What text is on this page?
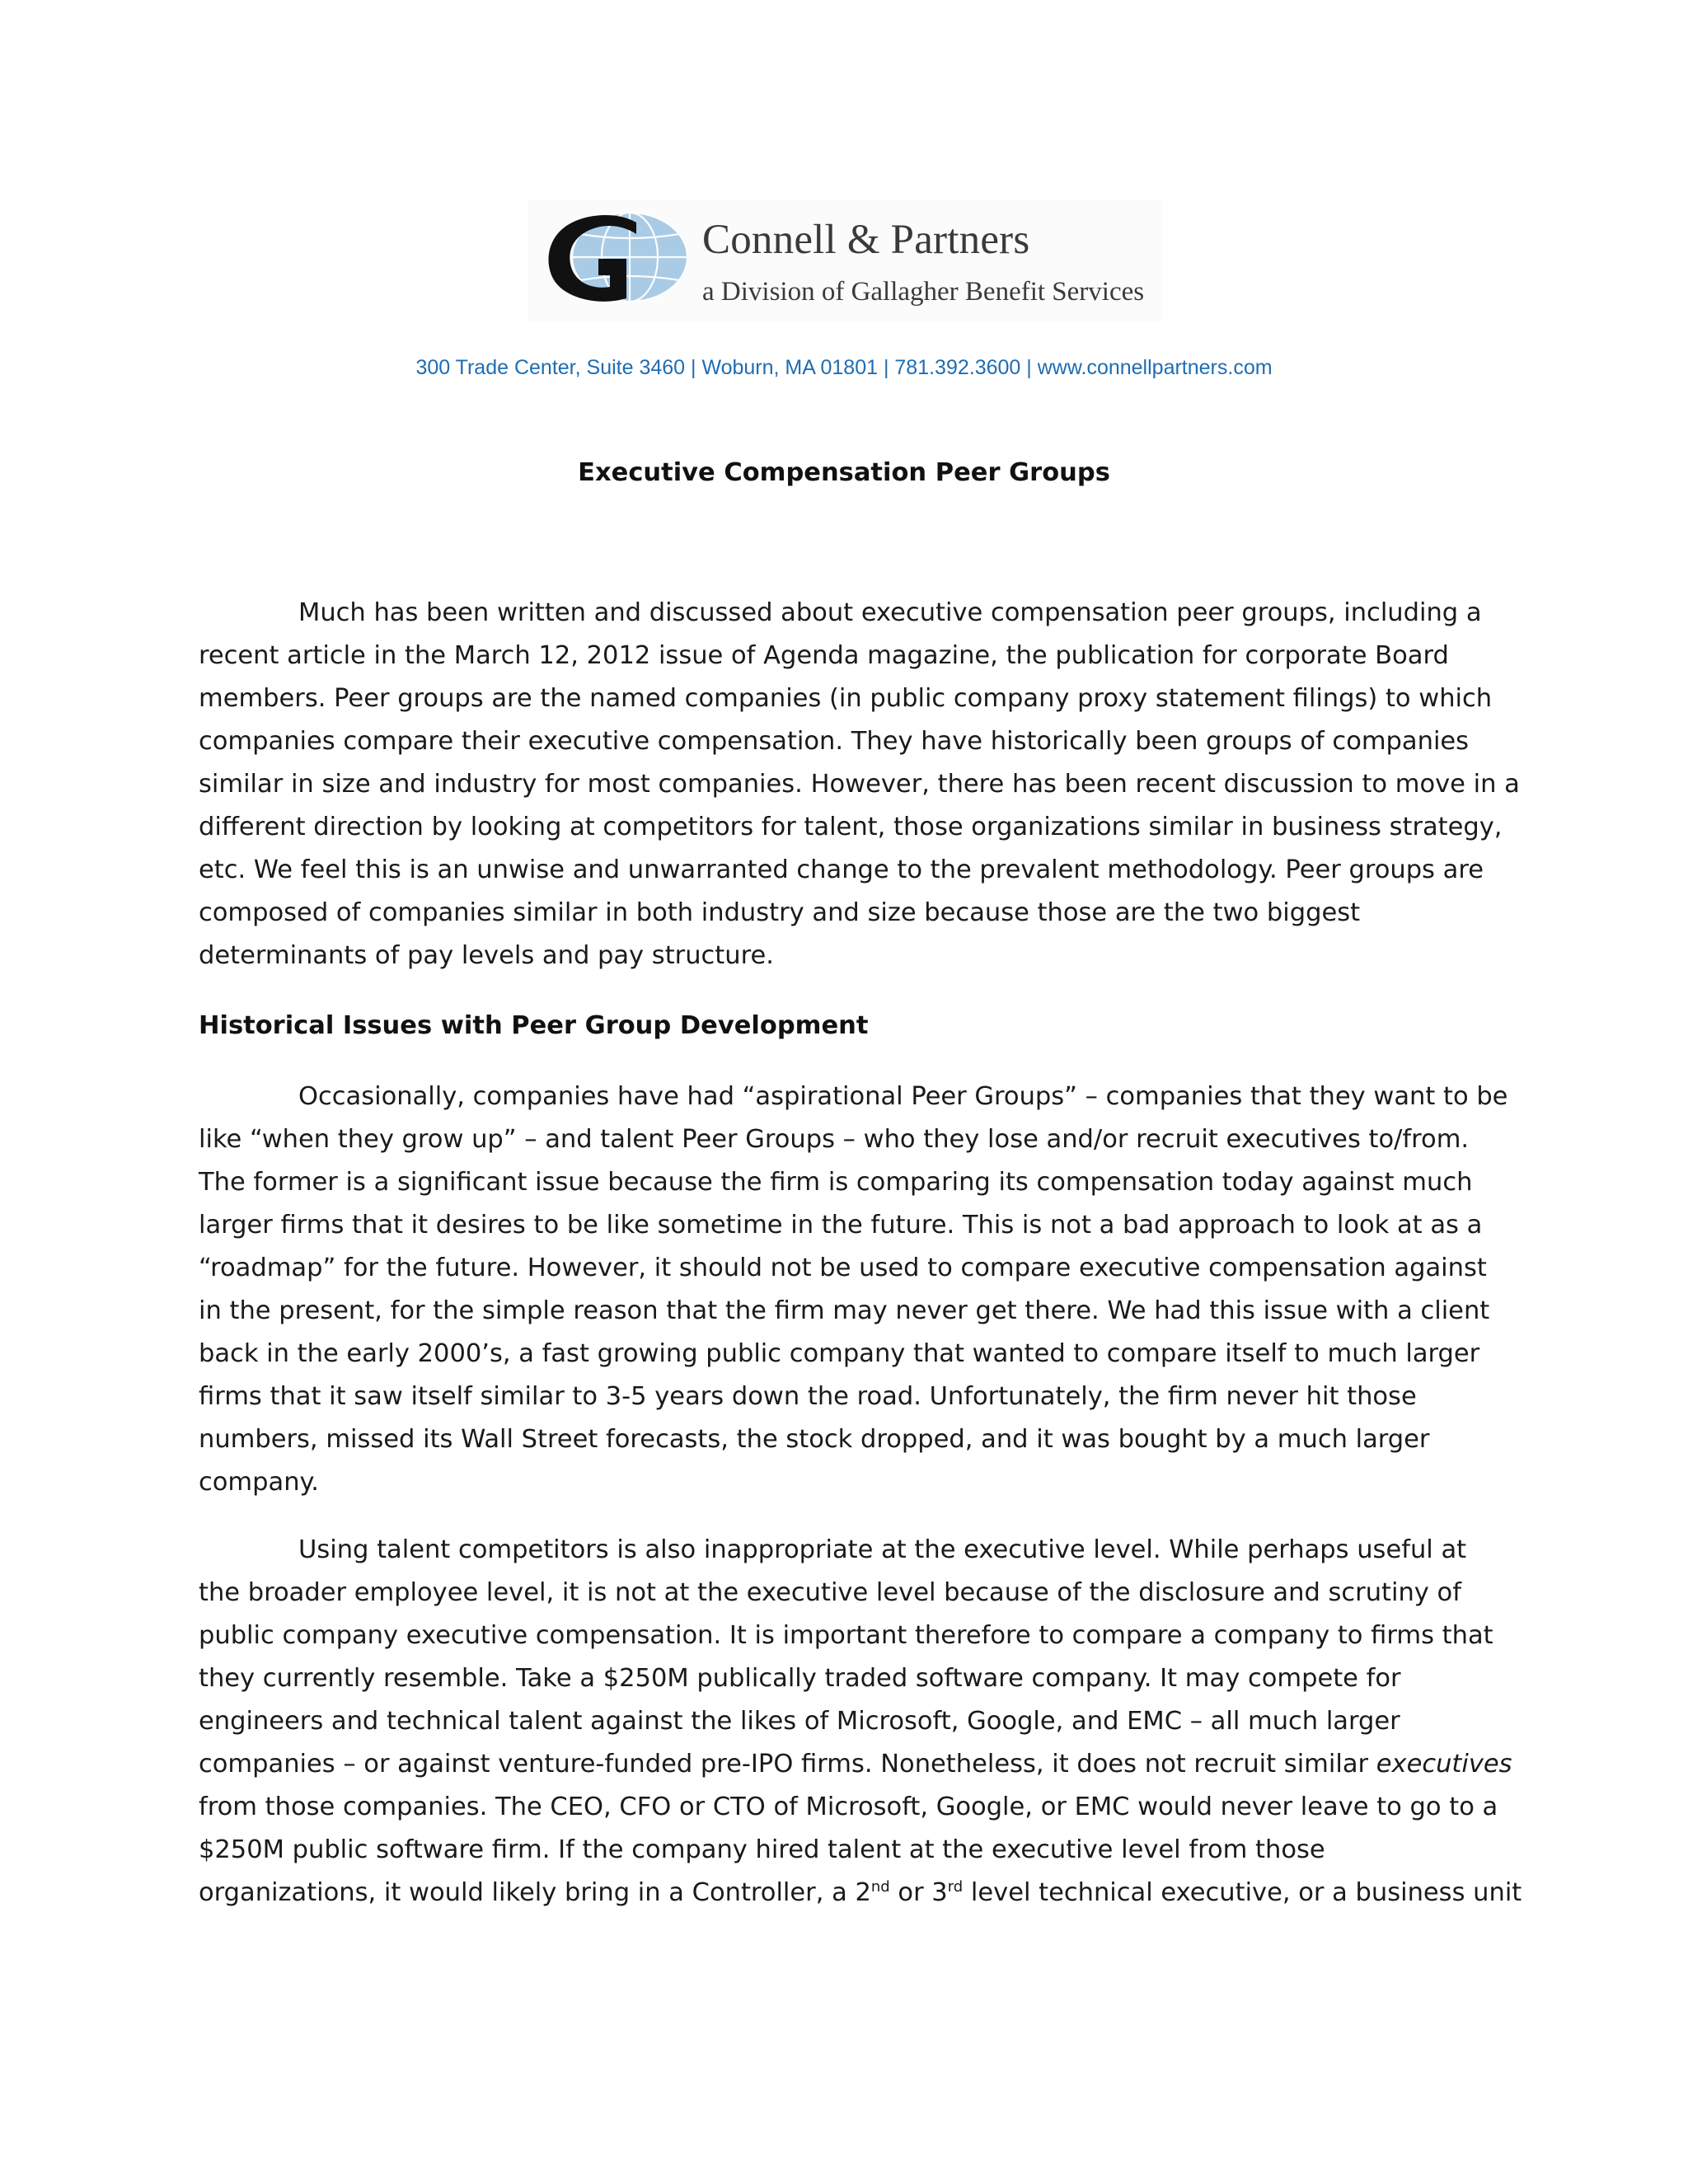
Connell & Partners
a Division of Gallagher Benefit Services
300 Trade Center, Suite 3460 | Woburn, MA 01801 | 781.392.3600 | www.connellpartners.com
Executive Compensation Peer Groups
Much has been written and discussed about executive compensation peer groups, including a
recent article in the March 12, 2012 issue of Agenda magazine, the publication for corporate Board
members. Peer groups are the named companies (in public company proxy statement filings) to which
companies compare their executive compensation. They have historically been groups of companies
similar in size and industry for most companies. However, there has been recent discussion to move in a
different direction by looking at competitors for talent, those organizations similar in business strategy,
etc. We feel this is an unwise and unwarranted change to the prevalent methodology. Peer groups are
composed of companies similar in both industry and size because those are the two biggest
determinants of pay levels and pay structure.
Historical Issues with Peer Group Development
Occasionally, companies have had “aspirational Peer Groups” – companies that they want to be
like “when they grow up” – and talent Peer Groups – who they lose and/or recruit executives to/from.
The former is a significant issue because the firm is comparing its compensation today against much
larger firms that it desires to be like sometime in the future. This is not a bad approach to look at as a
“roadmap” for the future. However, it should not be used to compare executive compensation against
in the present, for the simple reason that the firm may never get there. We had this issue with a client
back in the early 2000’s, a fast growing public company that wanted to compare itself to much larger
firms that it saw itself similar to 3-5 years down the road. Unfortunately, the firm never hit those
numbers, missed its Wall Street forecasts, the stock dropped, and it was bought by a much larger
company.
Using talent competitors is also inappropriate at the executive level. While perhaps useful at
the broader employee level, it is not at the executive level because of the disclosure and scrutiny of
public company executive compensation. It is important therefore to compare a company to firms that
they currently resemble. Take a $250M publically traded software company. It may compete for
engineers and technical talent against the likes of Microsoft, Google, and EMC – all much larger
companies – or against venture-funded pre-IPO firms. Nonetheless, it does not recruit similar executives
from those companies. The CEO, CFO or CTO of Microsoft, Google, or EMC would never leave to go to a
$250M public software firm. If the company hired talent at the executive level from those
organizations, it would likely bring in a Controller, a 2nd or 3rd level technical executive, or a business unit
